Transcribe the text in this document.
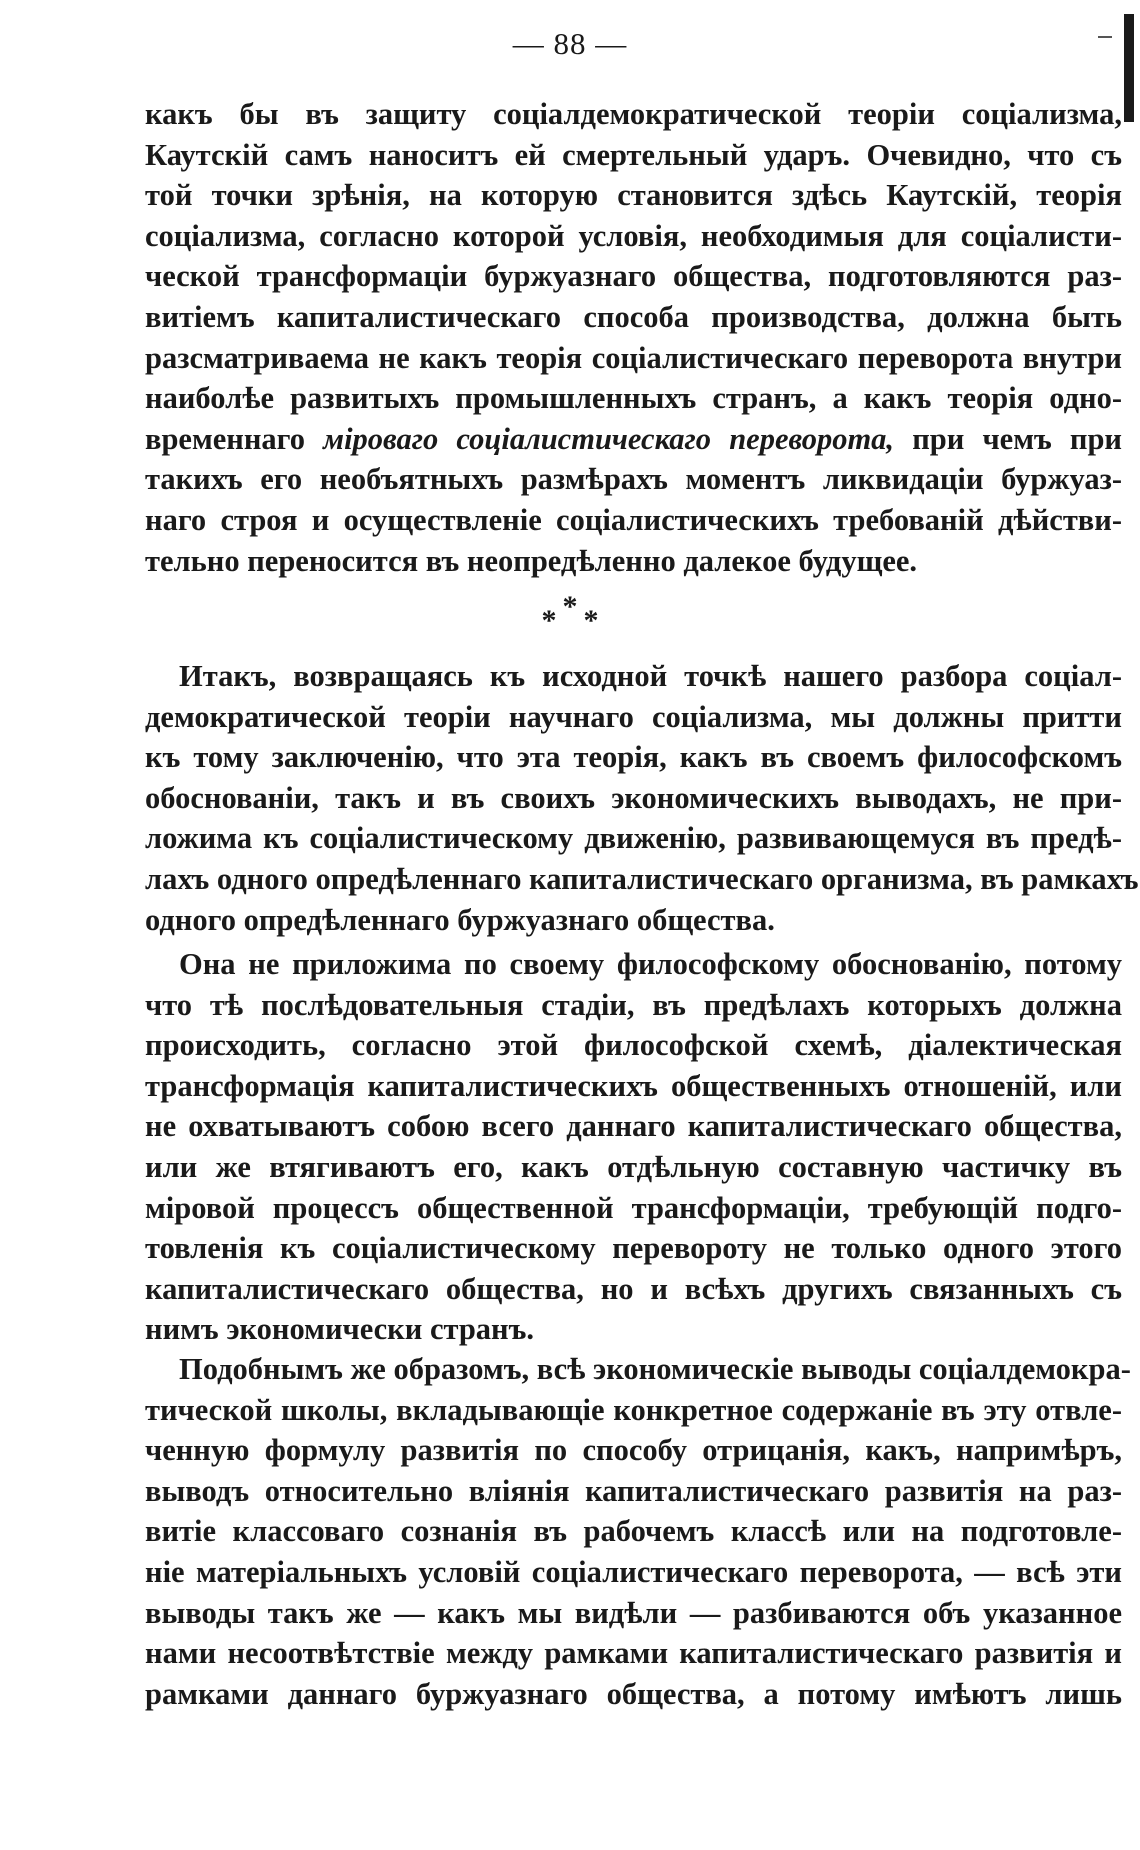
— 88 —
какъ бы въ защиту соціалдемократической теоріи соціализма,
Каутскій самъ наноситъ ей смертельный ударъ. Очевидно, что съ
той точки зрѣнія, на которую становится здѣсь Каутскій, теорія
соціализма, согласно которой условія, необходимыя для соціалисти-
ческой трансформаціи буржуазнаго общества, подготовляются раз-
витіемъ капиталистическаго способа производства, должна быть
разсматриваема не какъ теорія соціалистическаго переворота внутри
наиболѣе развитыхъ промышленныхъ странъ, а какъ теорія одно-
временнаго міроваго соціалистическаго переворота, при чемъ при
такихъ его необъятныхъ размѣрахъ моментъ ликвидаціи буржуаз-
наго строя и осуществленіе соціалистическихъ требованій дѣйстви-
тельно переносится въ неопредѣленно далекое будущее.
* * *
Итакъ, возвращаясь къ исходной точкѣ нашего разбора соціал-
демократической теоріи научнаго соціализма, мы должны притти
къ тому заключенію, что эта теорія, какъ въ своемъ философскомъ
обоснованіи, такъ и въ своихъ экономическихъ выводахъ, не при-
ложима къ соціалистическому движенію, развивающемуся въ предѣ-
лахъ одного опредѣленнаго капиталистическаго организма, въ рамкахъ
одного опредѣленнаго буржуазнаго общества.
Она не приложима по своему философскому обоснованію, потому
что тѣ послѣдовательныя стадіи, въ предѣлахъ которыхъ должна
происходить, согласно этой философской схемѣ, діалектическая
трансформація капиталистическихъ общественныхъ отношеній, или
не охватываютъ собою всего даннаго капиталистическаго общества,
или же втягиваютъ его, какъ отдѣльную составную частичку въ
міровой процессъ общественной трансформаціи, требующій подго-
товленія къ соціалистическому перевороту не только одного этого
капиталистическаго общества, но и всѣхъ другихъ связанныхъ съ
нимъ экономически странъ.
Подобнымъ же образомъ, всѣ экономическіе выводы соціалдемокра-
тической школы, вкладывающіе конкретное содержаніе въ эту отвле-
ченную формулу развитія по способу отрицанія, какъ, напримѣръ,
выводъ относительно вліянія капиталистическаго развитія на раз-
витіе классоваго сознанія въ рабочемъ классѣ или на подготовле-
ніе матеріальныхъ условій соціалистическаго переворота, — всѣ эти
выводы такъ же — какъ мы видѣли — разбиваются объ указанное
нами несоотвѣтствіе между рамками капиталистическаго развитія и
рамками даннаго буржуазнаго общества, а потому имѣютъ лишь
